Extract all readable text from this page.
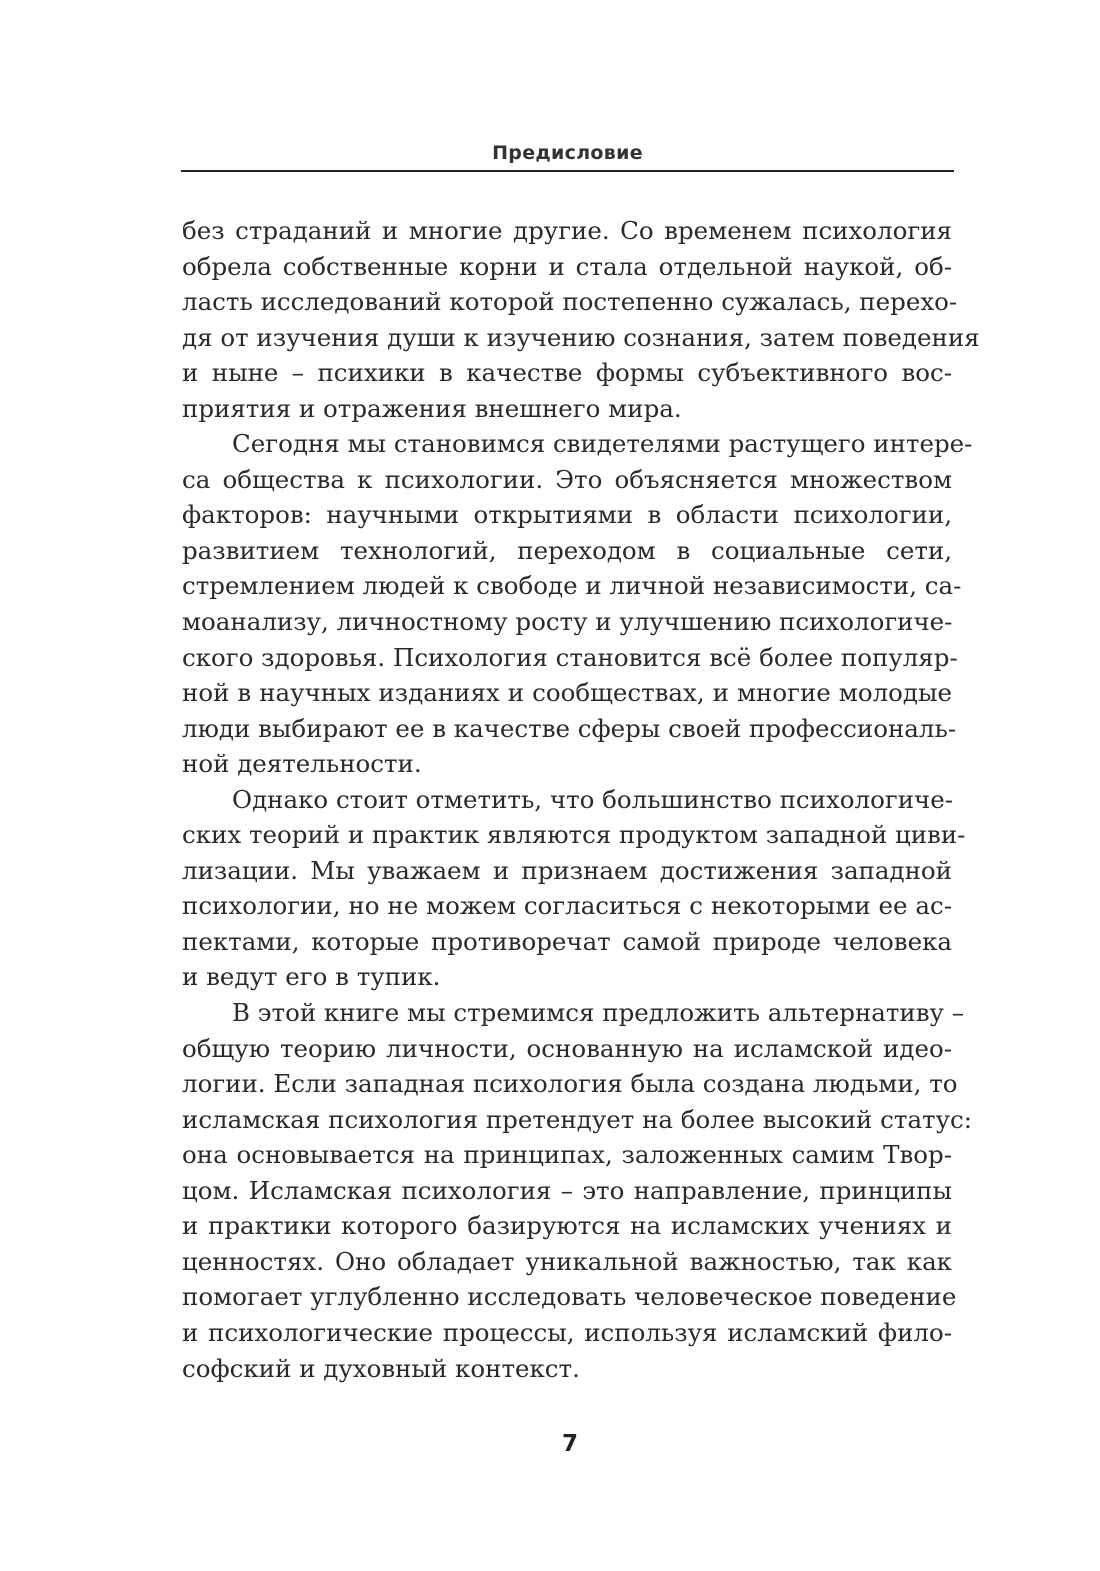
Предисловие

без страданий и многие другие. Со временем психология
обрела собственные корни и стала отдельной наукой, об-
ласть исследований которой постепенно сужалась, перехо-
дя от изучения души к изучению сознания, затем поведения
и ныне – психики в качестве формы субъективного вос-
приятия и отражения внешнего мира.

Сегодня мы становимся свидетелями растущего интере-
са общества к психологии. Это объясняется множеством
факторов: научными открытиями в области психологии,
развитием технологий, переходом в социальные сети,
стремлением людей к свободе и личной независимости, са-
моанализу, личностному росту и улучшению психологиче-
ского здоровья. Психология становится всё более популяр-
ной в научных изданиях и сообществах, и многие молодые
люди выбирают ее в качестве сферы своей профессиональ-
ной деятельности.

Однако стоит отметить, что большинство психологиче-
ских теорий и практик являются продуктом западной циви-
лизации. Мы уважаем и признаем достижения западной
психологии, но не можем согласиться с некоторыми ее ас-
пектами, которые противоречат самой природе человека
и ведут его в тупик.

В этой книге мы стремимся предложить альтернативу –
общую теорию личности, основанную на исламской идео-
логии. Если западная психология была создана людьми, то
исламская психология претендует на более высокий статус:
она основывается на принципах, заложенных самим Твор-
цом. Исламская психология – это направление, принципы
и практики которого базируются на исламских учениях и
ценностях. Оно обладает уникальной важностью, так как
помогает углубленно исследовать человеческое поведение
и психологические процессы, используя исламский фило-
софский и духовный контекст.

7
